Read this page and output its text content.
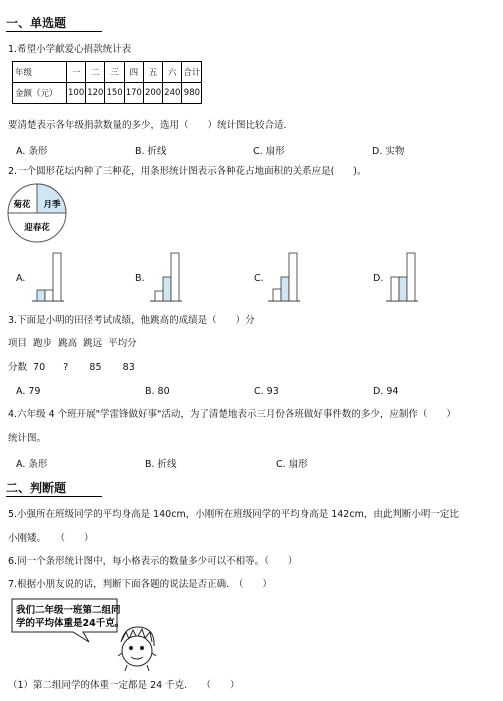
一、单选题
1.希望小学献爱心捐款统计表
年级	一	二	三	四	五	六	合计
金额（元）	100	120	150	170	200	240	980
要清楚表示各年级捐款数量的多少，选用（　　）统计图比较合适.
A. 条形	B. 折线	C. 扇形	D. 实物
2.一个圆形花坛内种了三种花，用条形统计图表示各种花占地面积的关系应是(　　)。
菊花 月季
迎春花
A.	B.	C.	D.
3.下面是小明的田径考试成绩，他跳高的成绩是（　　）分
项目  跑步  跳高  跳远  平均分
分数  70      ?       85       83
A. 79	B. 80	C. 93	D. 94
4.六年级 4 个班开展"学雷锋做好事"活动，为了清楚地表示三月份各班做好事件数的多少，应制作（　　）
统计图。
A. 条形	B. 折线	C. 扇形
二、判断题
5.小强所在班级同学的平均身高是 140cm，小刚所在班级同学的平均身高是 142cm，由此判断小明一定比
小刚矮。　　（　　）
6.同一个条形统计图中，每小格表示的数量多少可以不相等。（　　）
7.根据小朋友说的话，判断下面各题的说法是否正确.　（　　）
我们二年级一班第二组同
学的平均体重是24千克。
（1）第二组同学的体重一定都是 24 千克.　　（　　）
